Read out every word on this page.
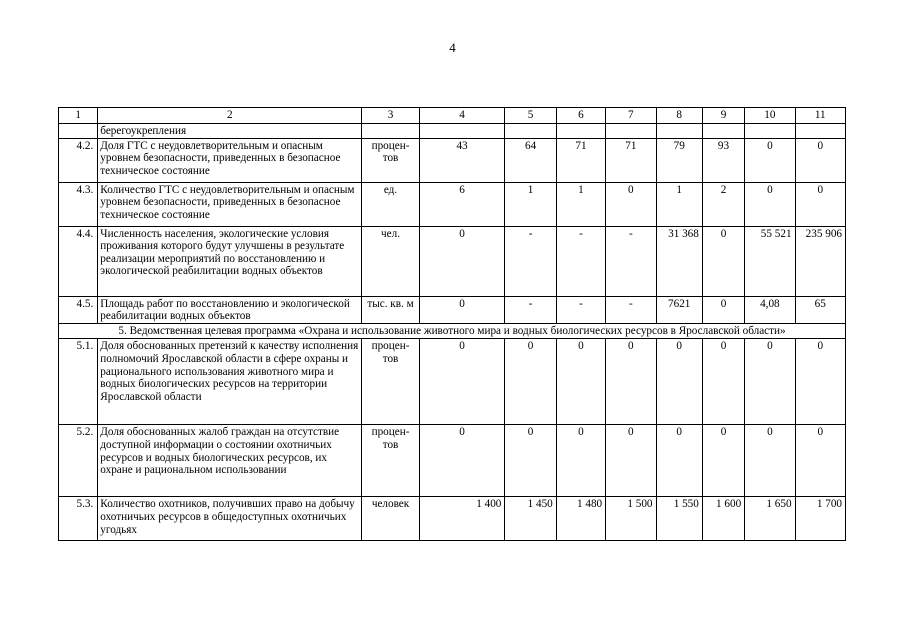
4
1	2	3	4	5	6	7	8	9	10	11
	берегоукрепления									
4.2.	Доля ГТС с неудовлетворительным и опасным уровнем безопасности, приведенных в безопасное техническое состояние	процен-тов	43	64	71	71	79	93	0	0
4.3.	Количество ГТС с неудовлетворительным и опасным уровнем безопасности, приведенных в безопасное техническое состояние	ед.	6	1	1	0	1	2	0	0
4.4.	Численность населения, экологические условия проживания которого будут улучшены в результате реализации мероприятий по восстановлению и экологической реабилитации водных объектов	чел.	0	-	-	-	31 368	0	55 521	235 906
4.5.	Площадь работ по восстановлению и экологической реабилитации водных объектов	тыс. кв. м	0	-	-	-	7621	0	4,08	65
5. Ведомственная целевая программа «Охрана и использование животного мира и водных биологических ресурсов в Ярославской области»										
5.1.	Доля обоснованных претензий к качеству исполнения полномочий Ярославской области в сфере охраны и рационального использования животного мира и водных биологических ресурсов на территории Ярославской области	процен-тов	0	0	0	0	0	0	0	0
5.2.	Доля обоснованных жалоб граждан на отсутствие доступной информации о состоянии охотничьих ресурсов и водных биологических ресурсов, их охране и рациональном использовании	процен-тов	0	0	0	0	0	0	0	0
5.3.	Количество охотников, получивших право на добычу охотничьих ресурсов в общедоступных охотничьих угодьях	человек	1 400	1 450	1 480	1 500	1 550	1 600	1 650	1 700
